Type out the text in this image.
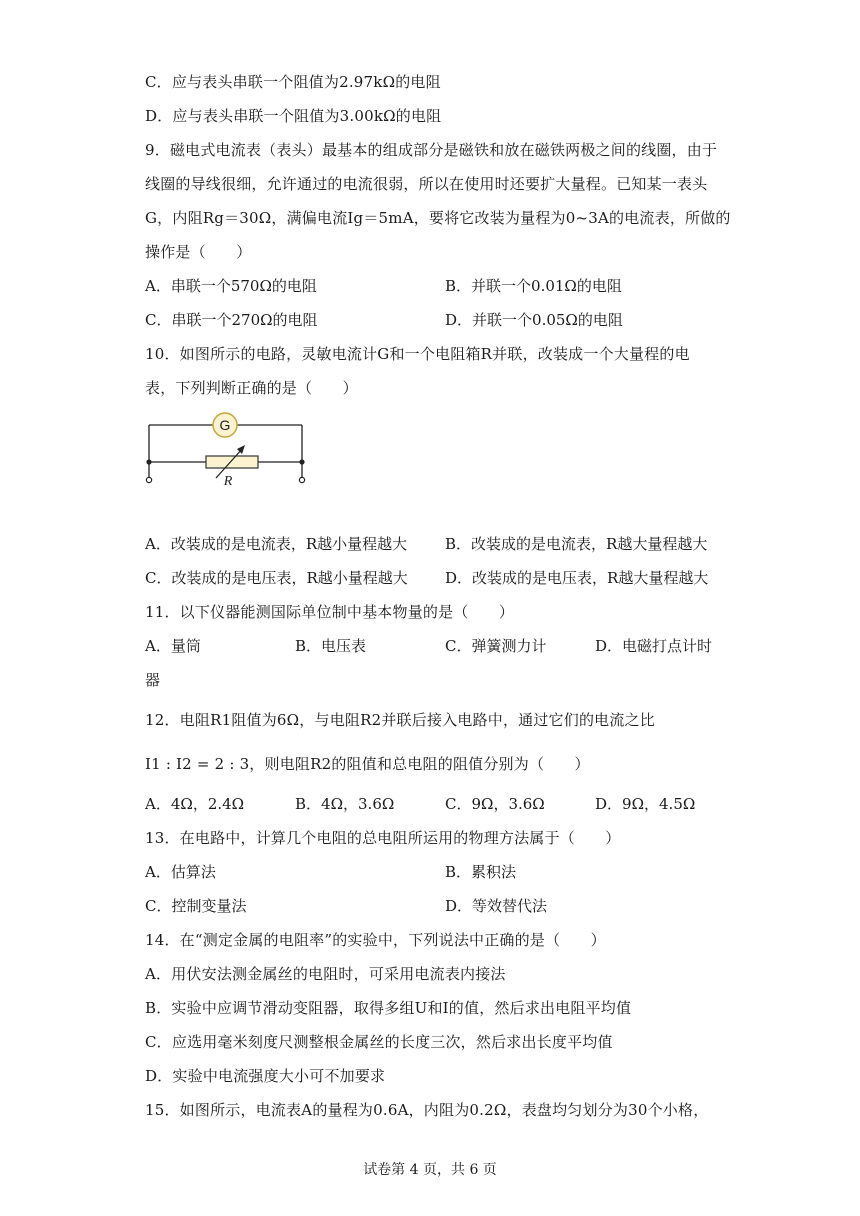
C．应与表头串联一个阻值为2.97kΩ的电阻
D．应与表头串联一个阻值为3.00kΩ的电阻
9．磁电式电流表（表头）最基本的组成部分是磁铁和放在磁铁两极之间的线圈，由于
线圈的导线很细，允许通过的电流很弱，所以在使用时还要扩大量程。已知某一表头
G，内阻Rg＝30Ω，满偏电流Ig＝5mA，要将它改装为量程为0~3A的电流表，所做的
操作是（　　）
A．串联一个570Ω的电阻	B．并联一个0.01Ω的电阻
C．串联一个270Ω的电阻	D．并联一个0.05Ω的电阻
10．如图所示的电路，灵敏电流计G和一个电阻箱R并联，改装成一个大量程的电
表，下列判断正确的是（　　）
G
R
A．改装成的是电流表，R越小量程越大	B．改装成的是电流表，R越大量程越大
C．改装成的是电压表，R越小量程越大 D．改装成的是电压表，R越大量程越大
11．以下仪器能测国际单位制中基本物量的是（　　）
A．量筒	B．电压表	C．弹簧测力计	D．电磁打点计时
器
12．电阻R1阻值为6Ω，与电阻R2并联后接入电路中，通过它们的电流之比
I1 : I2 = 2 : 3，则电阻R2的阻值和总电阻的阻值分别为（　　）
A．4Ω，2.4Ω	B．4Ω，3.6Ω	C．9Ω，3.6Ω	D．9Ω，4.5Ω
13．在电路中，计算几个电阻的总电阻所运用的物理方法属于（　　）
A．估算法	B．累积法
C．控制变量法	D．等效替代法
14．在“测定金属的电阻率”的实验中，下列说法中正确的是（　　）
A．用伏安法测金属丝的电阻时，可采用电流表内接法
B．实验中应调节滑动变阻器，取得多组U和I的值，然后求出电阻平均值
C．应选用毫米刻度尺测整根金属丝的长度三次，然后求出长度平均值
D．实验中电流强度大小可不加要求
15．如图所示，电流表A的量程为0.6A，内阻为0.2Ω，表盘均匀划分为30个小格，
试卷第 4 页，共 6 页
